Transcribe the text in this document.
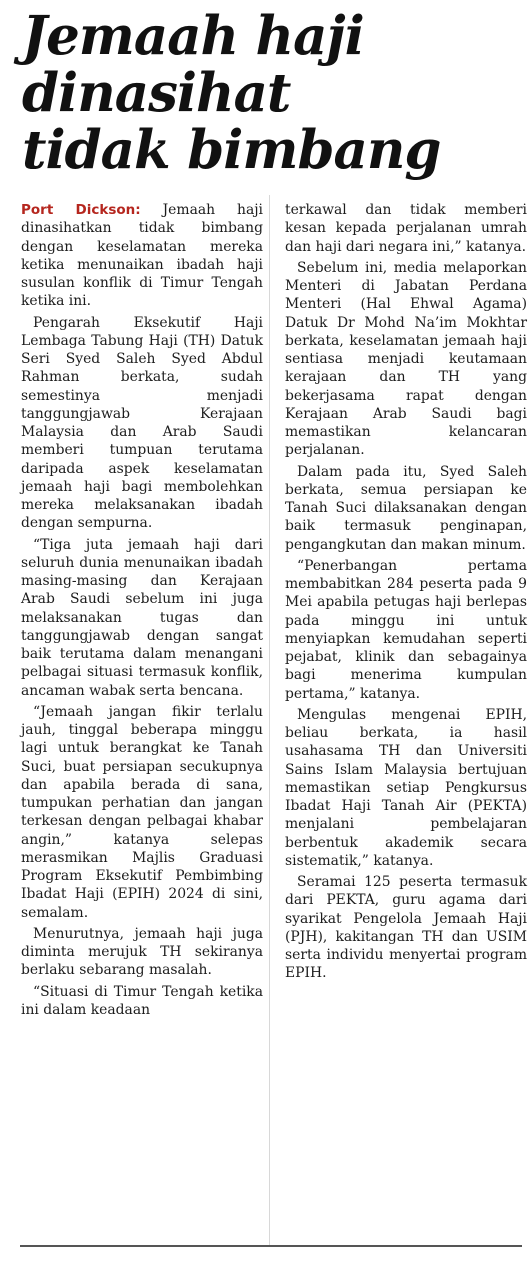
Jemaah haji
dinasihat
tidak bimbang

Port Dickson: Jemaah haji dinasihatkan tidak bimbang dengan keselamatan mereka ketika menunaikan ibadah haji susulan konflik di Timur Tengah ketika ini.

Pengarah Eksekutif Haji Lembaga Tabung Haji (TH) Datuk Seri Syed Saleh Syed Abdul Rahman berkata, sudah semestinya menjadi tanggungjawab Kerajaan Malaysia dan Arab Saudi memberi tumpuan terutama daripada aspek keselamatan jemaah haji bagi membolehkan mereka melaksanakan ibadah dengan sempurna.

“Tiga juta jemaah haji dari seluruh dunia menunaikan ibadah masing-masing dan Kerajaan Arab Saudi sebelum ini juga melaksanakan tugas dan tanggungjawab dengan sangat baik terutama dalam menangani pelbagai situasi termasuk konflik, ancaman wabak serta bencana.

“Jemaah jangan fikir terlalu jauh, tinggal beberapa minggu lagi untuk berangkat ke Tanah Suci, buat persiapan secukupnya dan apabila berada di sana, tumpukan perhatian dan jangan terkesan dengan pelbagai khabar angin,” katanya selepas merasmikan Majlis Graduasi Program Eksekutif Pembimbing Ibadat Haji (EPIH) 2024 di sini, semalam.

Menurutnya, jemaah haji juga diminta merujuk TH sekiranya berlaku sebarang masalah.

“Situasi di Timur Tengah ketika ini dalam keadaan

terkawal dan tidak memberi kesan kepada perjalanan umrah dan haji dari negara ini,” katanya.

Sebelum ini, media melaporkan Menteri di Jabatan Perdana Menteri (Hal Ehwal Agama) Datuk Dr Mohd Na’im Mokhtar berkata, keselamatan jemaah haji sentiasa menjadi keutamaan kerajaan dan TH yang bekerjasama rapat dengan Kerajaan Arab Saudi bagi memastikan kelancaran perjalanan.

Dalam pada itu, Syed Saleh berkata, semua persiapan ke Tanah Suci dilaksanakan dengan baik termasuk penginapan, pengangkutan dan makan minum.

“Penerbangan pertama membabitkan 284 peserta pada 9 Mei apabila petugas haji berlepas pada minggu ini untuk menyiapkan kemudahan seperti pejabat, klinik dan sebagainya bagi menerima kumpulan pertama,” katanya.

Mengulas mengenai EPIH, beliau berkata, ia hasil usahasama TH dan Universiti Sains Islam Malaysia bertujuan memastikan setiap Pengkursus Ibadat Haji Tanah Air (PEKTA) menjalani pembelajaran berbentuk akademik secara sistematik,” katanya.

Seramai 125 peserta termasuk dari PEKTA, guru agama dari syarikat Pengelola Jemaah Haji (PJH), kakitangan TH dan USIM serta individu menyertai program EPIH.
